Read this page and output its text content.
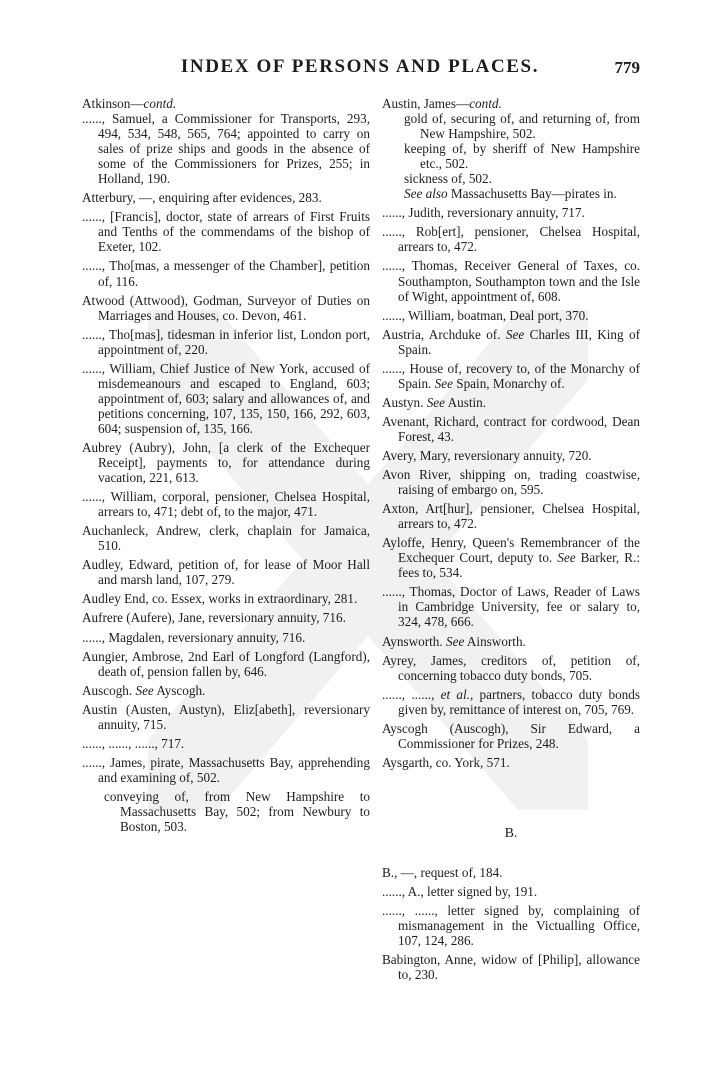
INDEX OF PERSONS AND PLACES.	779
Atkinson—contd.
......, Samuel, a Commissioner for Transports, 293, 494, 534, 548, 565, 764; appointed to carry on sales of prize ships and goods in the absence of some of the Commissioners for Prizes, 255; in Holland, 190.
Atterbury, —, enquiring after evidences, 283.
......, [Francis], doctor, state of arrears of First Fruits and Tenths of the commendams of the bishop of Exeter, 102.
......, Tho[mas, a messenger of the Chamber], petition of, 116.
Atwood (Attwood), Godman, Surveyor of Duties on Marriages and Houses, co. Devon, 461.
......, Tho[mas], tidesman in inferior list, London port, appointment of, 220.
......, William, Chief Justice of New York, accused of misdemeanours and escaped to England, 603; appointment of, 603; salary and allowances of, and petitions concerning, 107, 135, 150, 166, 292, 603, 604; suspension of, 135, 166.
Aubrey (Aubry), John, [a clerk of the Exchequer Receipt], payments to, for attendance during vacation, 221, 613.
......, William, corporal, pensioner, Chelsea Hospital, arrears to, 471; debt of, to the major, 471.
Auchanleck, Andrew, clerk, chaplain for Jamaica, 510.
Audley, Edward, petition of, for lease of Moor Hall and marsh land, 107, 279.
Audley End, co. Essex, works in extraordinary, 281.
Aufrere (Aufere), Jane, reversionary annuity, 716.
......, Magdalen, reversionary annuity, 716.
Aungier, Ambrose, 2nd Earl of Longford (Langford), death of, pension fallen by, 646.
Auscogh. See Ayscogh.
Austin (Austen, Austyn), Eliz[abeth], reversionary annuity, 715.
......, ......, ......, 717.
......, James, pirate, Massachusetts Bay, apprehending and examining of, 502.
conveying of, from New Hampshire to Massachusetts Bay, 502; from Newbury to Boston, 503.
Austin, James—contd.
gold of, securing of, and returning of, from New Hampshire, 502.
keeping of, by sheriff of New Hampshire etc., 502.
sickness of, 502.
See also Massachusetts Bay—pirates in.
......, Judith, reversionary annuity, 717.
......, Rob[ert], pensioner, Chelsea Hospital, arrears to, 472.
......, Thomas, Receiver General of Taxes, co. Southampton, Southampton town and the Isle of Wight, appointment of, 608.
......, William, boatman, Deal port, 370.
Austria, Archduke of. See Charles III, King of Spain.
......, House of, recovery to, of the Monarchy of Spain. See Spain, Monarchy of.
Austyn. See Austin.
Avenant, Richard, contract for cordwood, Dean Forest, 43.
Avery, Mary, reversionary annuity, 720.
Avon River, shipping on, trading coastwise, raising of embargo on, 595.
Axton, Art[hur], pensioner, Chelsea Hospital, arrears to, 472.
Ayloffe, Henry, Queen's Remembrancer of the Exchequer Court, deputy to. See Barker, R.: fees to, 534.
......, Thomas, Doctor of Laws, Reader of Laws in Cambridge University, fee or salary to, 324, 478, 666.
Aynsworth. See Ainsworth.
Ayrey, James, creditors of, petition of, concerning tobacco duty bonds, 705.
......, ......, et al., partners, tobacco duty bonds given by, remittance of interest on, 705, 769.
Ayscogh (Auscogh), Sir Edward, a Commissioner for Prizes, 248.
Aysgarth, co. York, 571.
B.
B., —, request of, 184.
......, A., letter signed by, 191.
......, ......, letter signed by, complaining of mismanagement in the Victualling Office, 107, 124, 286.
Babington, Anne, widow of [Philip], allowance to, 230.
